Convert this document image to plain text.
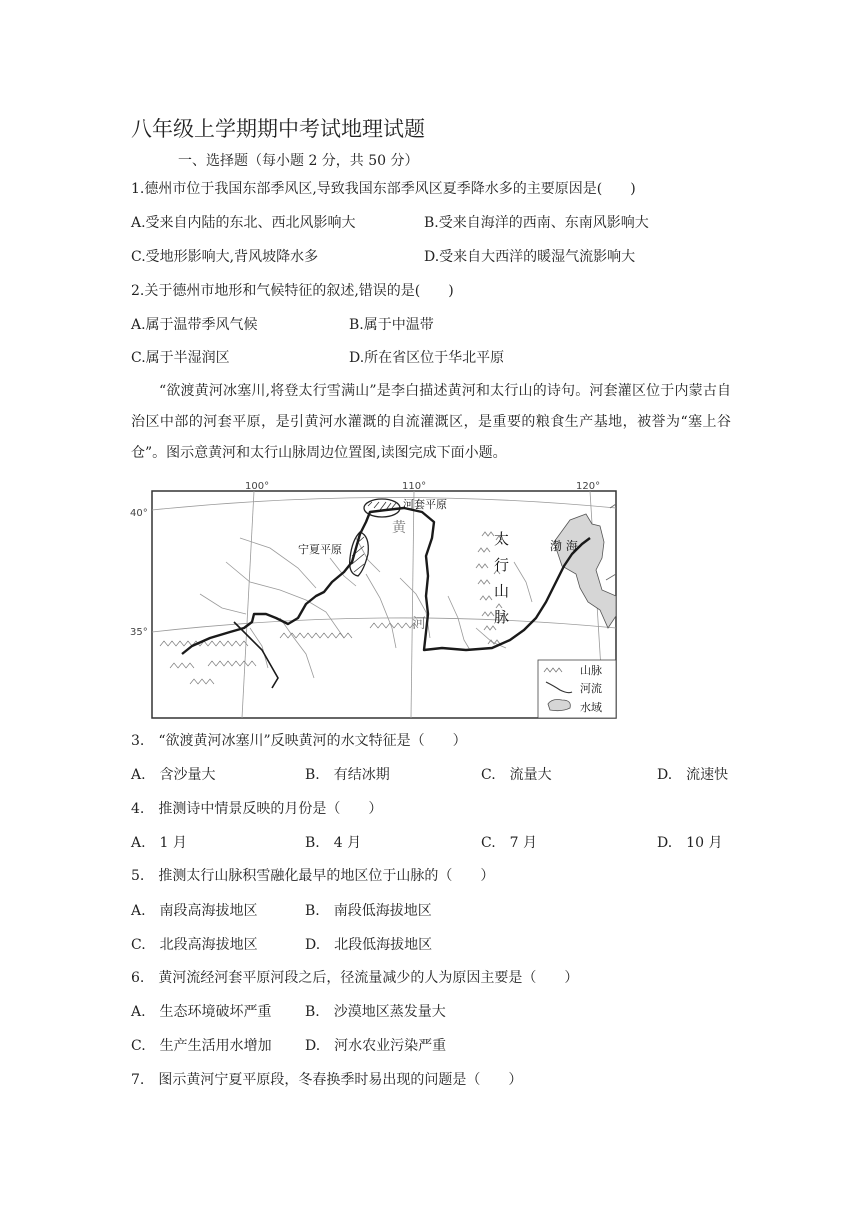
八年级上学期期中考试地理试题
一、选择题（每小题 2 分，共 50 分）
1.德州市位于我国东部季风区,导致我国东部季风区夏季降水多的主要原因是(　　)
A.受来自内陆的东北、西北风影响大	B.受来自海洋的西南、东南风影响大
C.受地形影响大,背风坡降水多	D.受来自大西洋的暖湿气流影响大
2.关于德州市地形和气候特征的叙述,错误的是(　　)
A.属于温带季风气候	B.属于中温带
C.属于半湿润区	D.所在省区位于华北平原
“欲渡黄河冰塞川,将登太行雪满山”是李白描述黄河和太行山的诗句。河套灌区位于内蒙古自治区中部的河套平原，是引黄河水灌溉的自流灌溉区，是重要的粮食生产基地，被誉为“塞上谷仓”。图示意黄河和太行山脉周边位置图,读图完成下面小题。
100°	110°	120°
40°
35°
河套平原
宁夏平原
黄
河
渤 海
太
行
山
脉
山脉
河流
水域
3.　“欲渡黄河冰塞川”反映黄河的水文特征是（　　）
A.　含沙量大	B.　有结冰期	C.　流量大	D.　流速快
4.　推测诗中情景反映的月份是（　　）
A.　1 月	B.　4 月	C.　7 月	D.　10 月
5.　推测太行山脉积雪融化最早的地区位于山脉的（　　）
A.　南段高海拔地区	B.　南段低海拔地区
C.　北段高海拔地区	D.　北段低海拔地区
6.　黄河流经河套平原河段之后，径流量减少的人为原因主要是（　　）
A.　生态环境破坏严重 B.　沙漠地区蒸发量大
C.　生产生活用水增加 D.　河水农业污染严重
7.　图示黄河宁夏平原段，冬春换季时易出现的问题是（　　）
